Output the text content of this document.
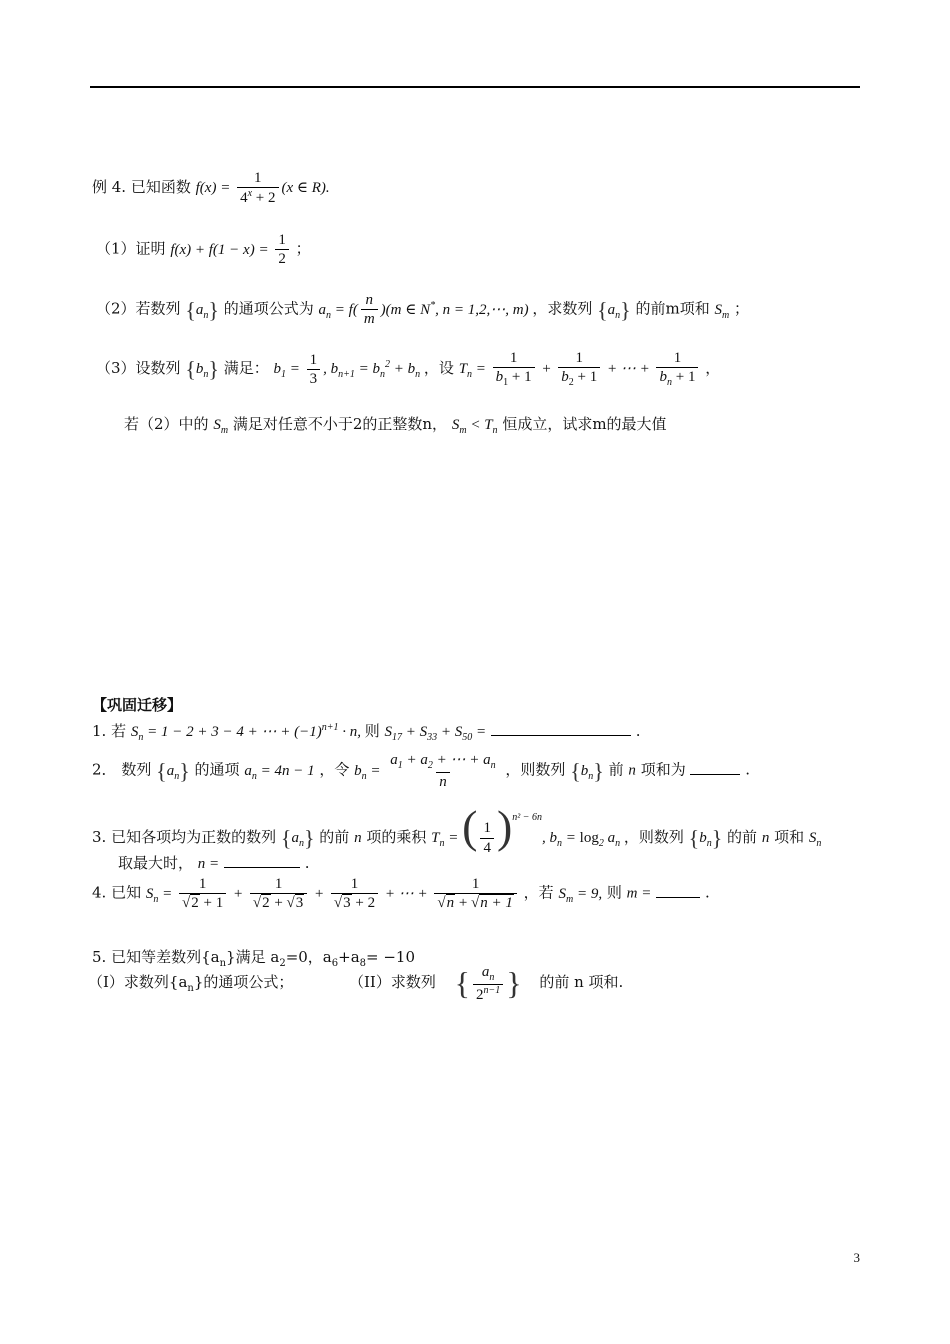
例 4. 已知函数 $f(x) = \frac{1}{4^x + 2} (x$ ∈ R).
（1）证明 $f(x) + f(1 - x) = \frac{1}{2}$ ；
（2）若数列 $\{a_n\}$ 的通项公式为 $a_n = f( \frac{n}{m} )(m$ ∈ N*, n = 1,2,⋯, m) ，求数列 $\{a_n\}$ 的前m项和 $S_m$ ；
（3）设数列 $\{b_n\}$ 满足： $b_1 = \frac{1}{3}$ , $b_{n+1} = b_n^2 + b_n$ ，设 $T_n = \frac{1}{b_1 + 1} + \frac{1}{b_2 + 1}$ + ⋯ + $\frac{1}{b_n + 1}$ ，
若（2）中的 $S_m$ 满足对任意不小于2的正整数n， $S_m < T_n$ 恒成立，试求m的最大值
【巩固迁移】
1. 若 $S_n = 1 - 2 + 3 - 4$ + ⋯ + $(-1)^{n+1} \cdot n$, 则 $S_{17} + S_{33} + S_{50}$ =	.
2． 数列 $\{a_n\}$ 的通项 $a_n = 4n - 1$ ，令 $b_n = \frac{a_1 + a_2 + \cdots + a_n}{n}$ ，则数列 $\{b_n\}$ 前 n 项和为	.
3. 已知各项均为正数的数列 $\{a_n\}$ 的前 n 项的乘积 $T_n$ = ( $\frac{1}{4} )^{n^2 - 6n}$, $b_n = \log_2 a_n$ ，则数列 $\{b_n\}$ 的前 n 项和 $S_n$
取最大时， n =	.
4. 已知 $S_n = \frac{1}{√2 + 1} + \frac{1}{√2 + √3} + \frac{1}{√3 + 2}$ + ⋯ + $\frac{1}{√n + √n + 1}$ ，若 $S_m = 9$, 则 m =	.
5. 已知等差数列$\{a_n\}$满足 $a_2=0$，$a_6+a_8= -10$
（I）求数列$\{a_n\}$的通项公式；	（II）求数列 { $\frac{a_n}{2^{n-1}}$ } 的前 n 项和.
3
